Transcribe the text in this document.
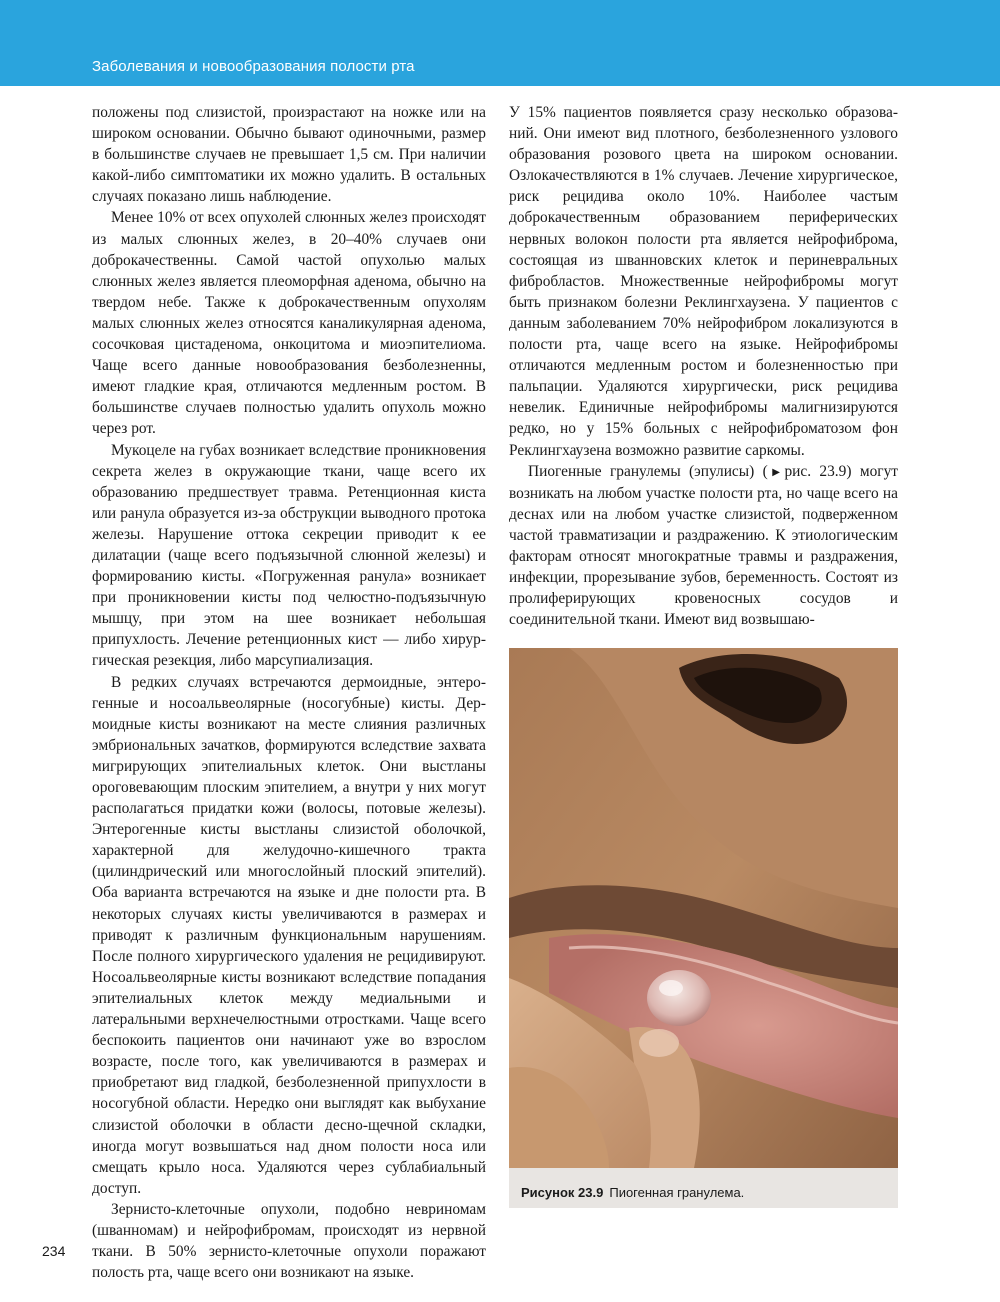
Заболевания и новообразования полости рта

положены под слизистой, произрастают на ножке или на широком основании. Обычно бывают одиночными, размер в большинстве случаев не превышает 1,5 см. При наличии какой-либо симптоматики их можно удалить. В остальных случаях показано лишь наблюдение.

Менее 10% от всех опухолей слюнных желез происходят из малых слюнных желез, в 20–40% случаев они доброкачественны. Самой частой опухолью малых слюнных желез является плеоморфная аденома, обычно на твердом небе. Также к доброкачественным опухолям малых слюнных желез относятся каналикулярная аденома, сосочковая цистаденома, онкоцитома и миоэпителиома. Чаще всего данные новообразования безболезненны, имеют гладкие края, отличаются медленным ростом. В большинстве случаев полностью удалить опухоль можно через рот.

Мукоцеле на губах возникает вследствие проникновения секрета желез в окружающие ткани, чаще всего их образованию предшествует травма. Ретенционная киста или ранула образуется из-за обструкции выводного протока железы. Нарушение оттока секреции приводит к ее дилатации (чаще всего подъязычной слюнной железы) и формированию кисты. «Погруженная ранула» возникает при проникновении кисты под челюстно-подъязычную мышцу, при этом на шее возникает небольшая припухлость. Лечение ретенционных кист — либо хирургическая резекция, либо марсупиализация.

В редких случаях встречаются дермоидные, энтерогенные и носоальвеолярные (носогубные) кисты. Дермоидные кисты возникают на месте слияния различных эмбриональных зачатков, формируются вследствие захвата мигрирующих эпителиальных клеток. Они выстланы ороговевающим плоским эпителием, а внутри у них могут располагаться придатки кожи (волосы, потовые железы). Энтерогенные кисты выстланы слизистой оболочкой, характерной для желудочно-кишечного тракта (цилиндрический или многослойный плоский эпителий). Оба варианта встречаются на языке и дне полости рта. В некоторых случаях кисты увеличиваются в размерах и приводят к различным функциональным нарушениям. После полного хирургического удаления не рецидивируют. Носоальвеолярные кисты возникают вследствие попадания эпителиальных клеток между медиальными и латеральными верхнечелюстными отростками. Чаще всего беспокоить пациентов они начинают уже во взрослом возрасте, после того, как увеличиваются в размерах и приобретают вид гладкой, безболезненной припухлости в носогубной области. Нередко они выглядят как выбухание слизистой оболочки в области десно-щечной складки, иногда могут возвышаться над дном полости носа или смещать крыло носа. Удаляются через сублабиальный доступ.

Зернисто-клеточные опухоли, подобно невриномам (шванномам) и нейрофибромам, происходят из нервной ткани. В 50% зернисто-клеточные опухоли поражают полость рта, чаще всего они возникают на языке.

У 15% пациентов появляется сразу несколько образований. Они имеют вид плотного, безболезненного узлового образования розового цвета на широком основании. Озлокачествляются в 1% случаев. Лечение хирургическое, риск рецидива около 10%. Наиболее частым доброкачественным образованием периферических нервных волокон полости рта является нейрофиброма, состоящая из шванновских клеток и периневральных фибробластов. Множественные нейрофибромы могут быть признаком болезни Реклингхаузена. У пациентов с данным заболеванием 70% нейрофибром локализуются в полости рта, чаще всего на языке. Нейрофибромы отличаются медленным ростом и болезненностью при пальпации. Удаляются хирургически, риск рецидива невелик. Единичные нейрофибромы малигнизируются редко, но у 15% больных с нейрофиброматозом фон Реклингхаузена возможно развитие саркомы.

Пиогенные гранулемы (эпулисы) (▶рис. 23.9) могут возникать на любом участке полости рта, но чаще всего на деснах или на любом участке слизистой, подверженном частой травматизации и раздражению. К этиологическим факторам относят многократные травмы и раздражения, инфекции, прорезывание зубов, беременность. Состоят из пролиферирующих кровеносных сосудов и соединительной ткани. Имеют вид возвышаю-

Рисунок 23.9 Пиогенная гранулема.
234
